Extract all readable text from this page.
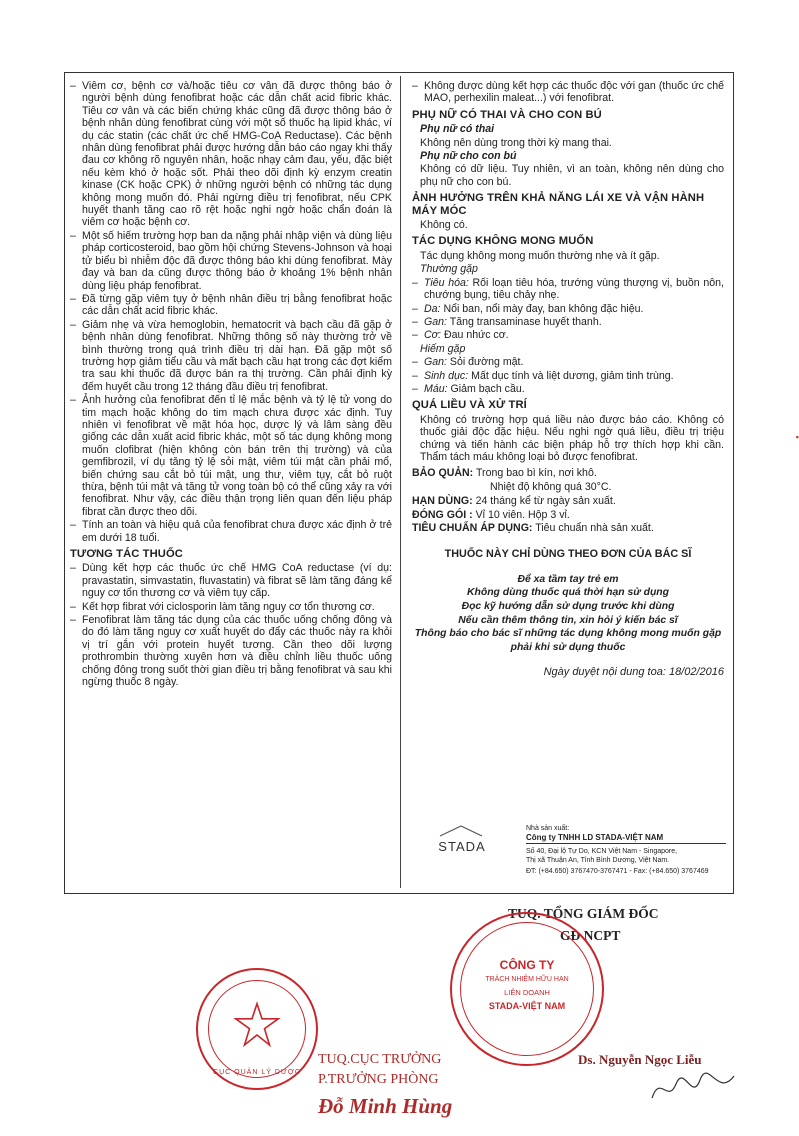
– Viêm cơ, bệnh cơ và/hoặc tiêu cơ vân đã được thông báo ở người bệnh dùng fenofibrat hoặc các dẫn chất acid fibric khác. Tiêu cơ vân và các biến chứng khác cũng đã được thông báo ở bệnh nhân dùng fenofibrat cùng với một số thuốc hạ lipid khác, ví dụ các statin (các chất ức chế HMG-CoA Reductase). Các bệnh nhân dùng fenofibrat phải được hướng dẫn báo cáo ngay khi thấy đau cơ không rõ nguyên nhân, hoặc nhạy cảm đau, yếu, đặc biệt nếu kèm khó ở hoặc sốt. Phải theo dõi định kỳ enzym creatin kinase (CK hoặc CPK) ở những người bệnh có những tác dụng không mong muốn đó. Phải ngừng điều trị fenofibrat, nếu CPK huyết thanh tăng cao rõ rệt hoặc nghi ngờ hoặc chẩn đoán là viêm cơ hoặc bệnh cơ.

– Một số hiếm trường hợp ban da nặng phải nhập viện và dùng liệu pháp corticosteroid, bao gồm hội chứng Stevens-Johnson và hoại tử biểu bì nhiễm độc đã được thông báo khi dùng fenofibrat. Mày đay và ban da cũng được thông báo ở khoảng 1% bệnh nhân dùng liệu pháp fenofibrat.

– Đã từng gặp viêm tụy ở bệnh nhân điều trị bằng fenofibrat hoặc các dẫn chất acid fibric khác.

– Giảm nhẹ và vừa hemoglobin, hematocrit và bạch cầu đã gặp ở bệnh nhân dùng fenofibrat. Những thông số này thường trở về bình thường trong quá trình điều trị dài hạn. Đã gặp một số trường hợp giảm tiểu cầu và mất bạch cầu hạt trong các đợt kiểm tra sau khi thuốc đã được bán ra thị trường. Cần phải định kỳ đếm huyết cầu trong 12 tháng đầu điều trị fenofibrat.

– Ảnh hưởng của fenofibrat đến tỉ lệ mắc bệnh và tỷ lệ tử vong do tim mạch hoặc không do tim mạch chưa được xác định. Tuy nhiên vì fenofibrat về mặt hóa học, dược lý và lâm sàng đều giống các dẫn xuất acid fibric khác, một số tác dụng không mong muốn clofibrat (hiện không còn bán trên thị trường) và của gemfibrozil, ví dụ tăng tỷ lệ sỏi mật, viêm túi mật cần phải mổ, biến chứng sau cắt bỏ túi mật, ung thư, viêm tụy, cắt bỏ ruột thừa, bệnh túi mật và tăng tử vong toàn bộ có thể cũng xảy ra với fenofibrat. Như vậy, các điều thận trọng liên quan đến liệu pháp fibrat cần được theo dõi.

– Tính an toàn và hiệu quả của fenofibrat chưa được xác định ở trẻ em dưới 18 tuổi.

TƯƠNG TÁC THUỐC

– Dùng kết hợp các thuốc ức chế HMG CoA reductase (ví dụ: pravastatin, simvastatin, fluvastatin) và fibrat sẽ làm tăng đáng kể nguy cơ tổn thương cơ và viêm tụy cấp.

– Kết hợp fibrat với ciclosporin làm tăng nguy cơ tổn thương cơ.

– Fenofibrat làm tăng tác dụng của các thuốc uống chống đông và do đó làm tăng nguy cơ xuất huyết do đẩy các thuốc này ra khỏi vị trí gắn với protein huyết tương. Cần theo dõi lượng prothrombin thường xuyên hơn và điều chỉnh liều thuốc uống chống đông trong suốt thời gian điều trị bằng fenofibrat và sau khi ngừng thuốc 8 ngày.

– Không được dùng kết hợp các thuốc độc với gan (thuốc ức chế MAO, perhexilin maleat...) với fenofibrat.

PHỤ NỮ CÓ THAI VÀ CHO CON BÚ
Phụ nữ có thai
Không nên dùng trong thời kỳ mang thai.
Phụ nữ cho con bú
Không có dữ liệu. Tuy nhiên, vì an toàn, không nên dùng cho phụ nữ cho con bú.
ẢNH HƯỞNG TRÊN KHẢ NĂNG LÁI XE VÀ VẬN HÀNH MÁY MÓC
Không có.
TÁC DỤNG KHÔNG MONG MUỐN
Tác dụng không mong muốn thường nhẹ và ít gặp.
Thường gặp

– Tiêu hóa: Rối loạn tiêu hóa, trướng vùng thượng vị, buồn nôn, chướng bụng, tiêu chảy nhẹ.

– Da: Nổi ban, nổi mày đay, ban không đặc hiệu.

– Gan: Tăng transaminase huyết thanh.

– Cơ: Đau nhức cơ.

Hiếm gặp

– Gan: Sỏi đường mật.

– Sinh dục: Mất dục tính và liệt dương, giảm tinh trùng.

– Máu: Giảm bạch cầu.

QUÁ LIỀU VÀ XỬ TRÍ
Không có trường hợp quá liều nào được báo cáo. Không có thuốc giải độc đặc hiệu. Nếu nghi ngờ quá liều, điều trị triệu chứng và tiến hành các biện pháp hỗ trợ thích hợp khi cần. Thẩm tách máu không loại bỏ được fenofibrat.
BẢO QUẢN: Trong bao bì kín, nơi khô.
Nhiệt độ không quá 30°C.
HẠN DÙNG: 24 tháng kể từ ngày sản xuất.
ĐÓNG GÓI : Vỉ 10 viên. Hộp 3 vỉ.
TIÊU CHUẨN ÁP DỤNG: Tiêu chuẩn nhà sản xuất.
THUỐC NÀY CHỈ DÙNG THEO ĐƠN CỦA BÁC SĨ
Để xa tầm tay trẻ em
Không dùng thuốc quá thời hạn sử dụng
Đọc kỹ hướng dẫn sử dụng trước khi dùng
Nếu cần thêm thông tin, xin hỏi ý kiến bác sĩ
Thông báo cho bác sĩ những tác dụng không mong muốn gặp phải khi sử dụng thuốc
Ngày duyệt nội dung toa: 18/02/2016
STADA
Nhà sản xuất:
Công ty TNHH LD STADA-VIỆT NAM
Số 40, Đại lộ Tự Do, KCN Việt Nam - Singapore,
Thị xã Thuận An, Tỉnh Bình Dương, Việt Nam.
ĐT: (+84.650) 3767470-3767471 - Fax: (+84.650) 3767469
TUQ. TỔNG GIÁM ĐỐC
GĐ NCPT
CÔNG TY
TRÁCH NHIỆM HỮU HẠN
LIÊN DOANH
STADA-VIỆT NAM
CỤC QUẢN LÝ DƯỢC
Ds. Nguyễn Ngọc Liễu
TUQ.CỤC TRƯỞNG
P.TRƯỞNG PHÒNG
Đỗ Minh Hùng
▪
